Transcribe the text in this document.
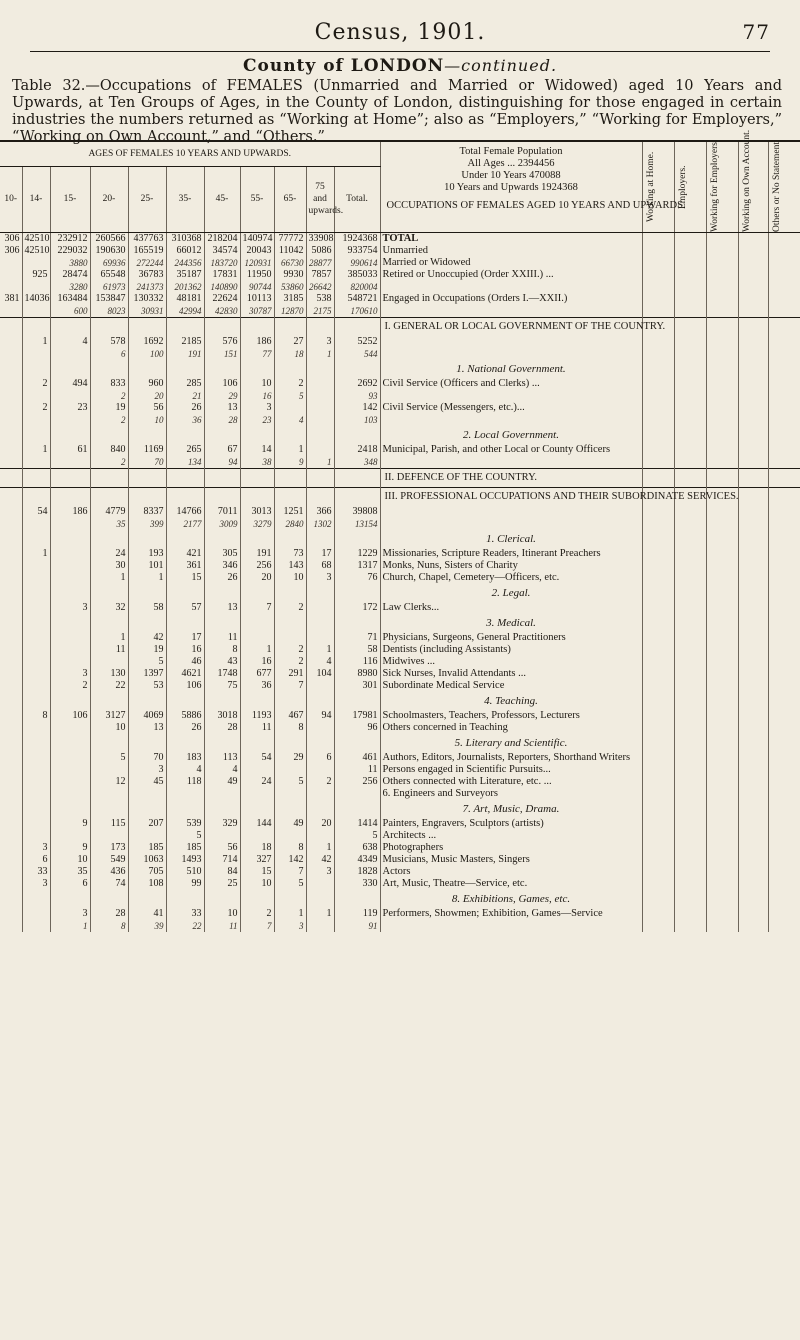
Census, 1901.	77
County of LONDON—continued.
Table 32.—Occupations of FEMALES (Unmarried and Married or Widowed) aged 10 Years and Upwards, at Ten Groups of Ages, in the County of London, distinguishing for those engaged in certain industries the numbers returned as “Working at Home”; also as “Employers,” “Working for Employers,” “Working on Own Account,” and “Others.”
AGES OF FEMALES 10 YEARS AND UPWARDS.											Total Female Population
All Ages ... 2394456
Under 10 Years 470088
10 Years and Upwards 1924368
OCCUPATIONS OF FEMALES AGED 10 YEARS AND UPWARDS.	Working at Home.	Employers.	Working for Employers.	Working on Own Account.	Others or No Statement.

10-	14-	15-	20-	25-	35-	45-	55-	65-	75 and upwards.	Total.						
306	42510	232912	260566	437763	310368	218204	140974	77772	33908	1924368	TOTAL					
306	42510	229032	190630	165519	66012	34574	20043	11042	5086	933754	Unmarried					
		3880	69936	272244	244356	183720	120931	66730	28877	990614	Married or Widowed					
	925	28474	65548	36783	35187	17831	11950	9930	7857	385033	Retired or Unoccupied (Order XXIII.) ...					
		3280	61973	241373	201362	140890	90744	53860	26642	820004						
381	14036	163484	153847	130332	48181	22624	10113	3185	538	548721	Engaged in Occupations (Orders I.—XXII.)					
		600	8023	30931	42994	42830	30787	12870	2175	170610						
											I. GENERAL OR LOCAL GOVERNMENT OF THE COUNTRY.					
	1	4	578	1692	2185	576	186	27	3	5252						
			6	100	191	151	77	18	1	544						
											1. National Government.					
	2	494	833	960	285	106	10	2		2692	Civil Service (Officers and Clerks) ...					
			2	20	21	29	16	5		93						
	2	23	19	56	26	13	3			142	Civil Service (Messengers, etc.)...					
			2	10	36	28	23	4		103						
											2. Local Government.					
	1	61	840	1169	265	67	14	1		2418	Municipal, Parish, and other Local or County Officers					
			2	70	134	94	38	9	1	348						
											II. DEFENCE OF THE COUNTRY.					
											III. PROFESSIONAL OCCUPATIONS AND THEIR SUBORDINATE SERVICES.					
	54	186	4779	8337	14766	7011	3013	1251	366	39808						
			35	399	2177	3009	3279	2840	1302	13154						
											1. Clerical.					
	1		24	193	421	305	191	73	17	1229	Missionaries, Scripture Readers, Itinerant Preachers					
			30	101	361	346	256	143	68	1317	Monks, Nuns, Sisters of Charity					
			1	1	15	26	20	10	3	76	Church, Chapel, Cemetery—Officers, etc.					
											2. Legal.					
		3	32	58	57	13	7	2		172	Law Clerks...					
											3. Medical.					
			1	42	17	11				71	Physicians, Surgeons, General Practitioners					
			11	19	16	8	1	2	1	58	Dentists (including Assistants)					
				5	46	43	16	2	4	116	Midwives ...					
		3	130	1397	4621	1748	677	291	104	8980	Sick Nurses, Invalid Attendants ...					
		2	22	53	106	75	36	7		301	Subordinate Medical Service					
											4. Teaching.					
	8	106	3127	4069	5886	3018	1193	467	94	17981	Schoolmasters, Teachers, Professors, Lecturers					
			10	13	26	28	11	8		96	Others concerned in Teaching					
											5. Literary and Scientific.					
			5	70	183	113	54	29	6	461	Authors, Editors, Journalists, Reporters, Shorthand Writers					
				3	4	4				11	Persons engaged in Scientific Pursuits...					
			12	45	118	49	24	5	2	256	Others connected with Literature, etc. ...					
											6. Engineers and Surveyors					
											7. Art, Music, Drama.					
		9	115	207	539	329	144	49	20	1414	Painters, Engravers, Sculptors (artists)					
					5					5	Architects ...					
	3	9	173	185	185	56	18	8	1	638	Photographers					
	6	10	549	1063	1493	714	327	142	42	4349	Musicians, Music Masters, Singers					
	33	35	436	705	510	84	15	7	3	1828	Actors					
	3	6	74	108	99	25	10	5		330	Art, Music, Theatre—Service, etc.					
											8. Exhibitions, Games, etc.					
		3	28	41	33	10	2	1	1	119	Performers, Showmen; Exhibition, Games—Service					
		1	8	39	22	11	7	3		91						
